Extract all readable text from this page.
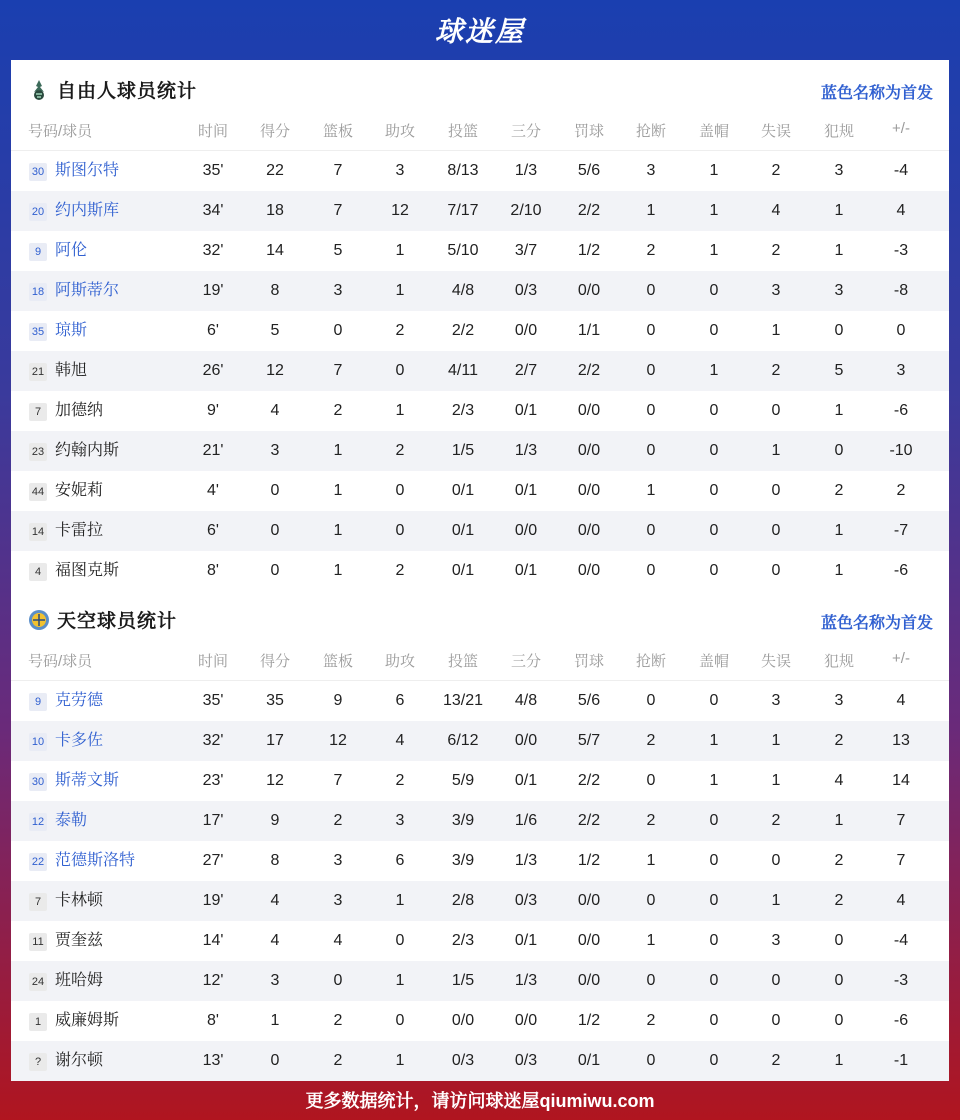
球迷屋
自由人球员统计	蓝色名称为首发
号码/球员	时间 得分 篮板 助攻 投篮 三分 罚球 抢断 盖帽 失误 犯规	+/-
30 斯图尔特	35'	22	7	3	8/13 1/3	5/6	3	1	2	3	-4
20 约内斯库	34'	18	7	12 7/17 2/10 2/2	1	1	4	1	4
9 阿伦	32'	14	5	1	5/10 3/7	1/2	2	1	2	1	-3
18 阿斯蒂尔	19'	8	3	1	4/8	0/3	0/0	0	0	3	3	-8
35 琼斯	6'	5	0	2	2/2	0/0	1/1	0	0	1	0	0
21 韩旭	26'	12	7	0	4/11 2/7	2/2	0	1	2	5	3
7 加德纳	9'	4	2	1	2/3	0/1	0/0	0	0	0	1	-6
23 约翰内斯	21'	3	1	2	1/5	1/3	0/0	0	0	1	0	-10
44 安妮莉	4'	0	1	0	0/1	0/1	0/0	1	0	0	2	2
14 卡雷拉	6'	0	1	0	0/1	0/0	0/0	0	0	0	1	-7
4 福图克斯	8'	0	1	2	0/1	0/1	0/0	0	0	0	1	-6
天空球员统计	蓝色名称为首发
号码/球员	时间 得分 篮板 助攻 投篮 三分 罚球 抢断 盖帽 失误 犯规	+/-
9 克劳德	35'	35	9	6 13/21 4/8	5/6	0	0	3	3	4
10 卡多佐	32'	17	12	4	6/12 0/0	5/7	2	1	1	2	13
30 斯蒂文斯	23'	12	7	2	5/9	0/1	2/2	0	1	1	4	14
12 泰勒	17'	9	2	3	3/9	1/6	2/2	2	0	2	1	7
22 范德斯洛特	27'	8	3	6	3/9	1/3	1/2	1	0	0	2	7
7 卡林顿	19'	4	3	1	2/8	0/3	0/0	0	0	1	2	4
11 贾奎兹	14'	4	4	0	2/3	0/1	0/0	1	0	3	0	-4
24 班哈姆	12'	3	0	1	1/5	1/3	0/0	0	0	0	0	-3
1 威廉姆斯	8'	1	2	0	0/0	0/0	1/2	2	0	0	0	-6
? 谢尔顿	13'	0	2	1	0/3	0/3	0/1	0	0	2	1	-1
更多数据统计，请访问球迷屋qiumiwu.com
